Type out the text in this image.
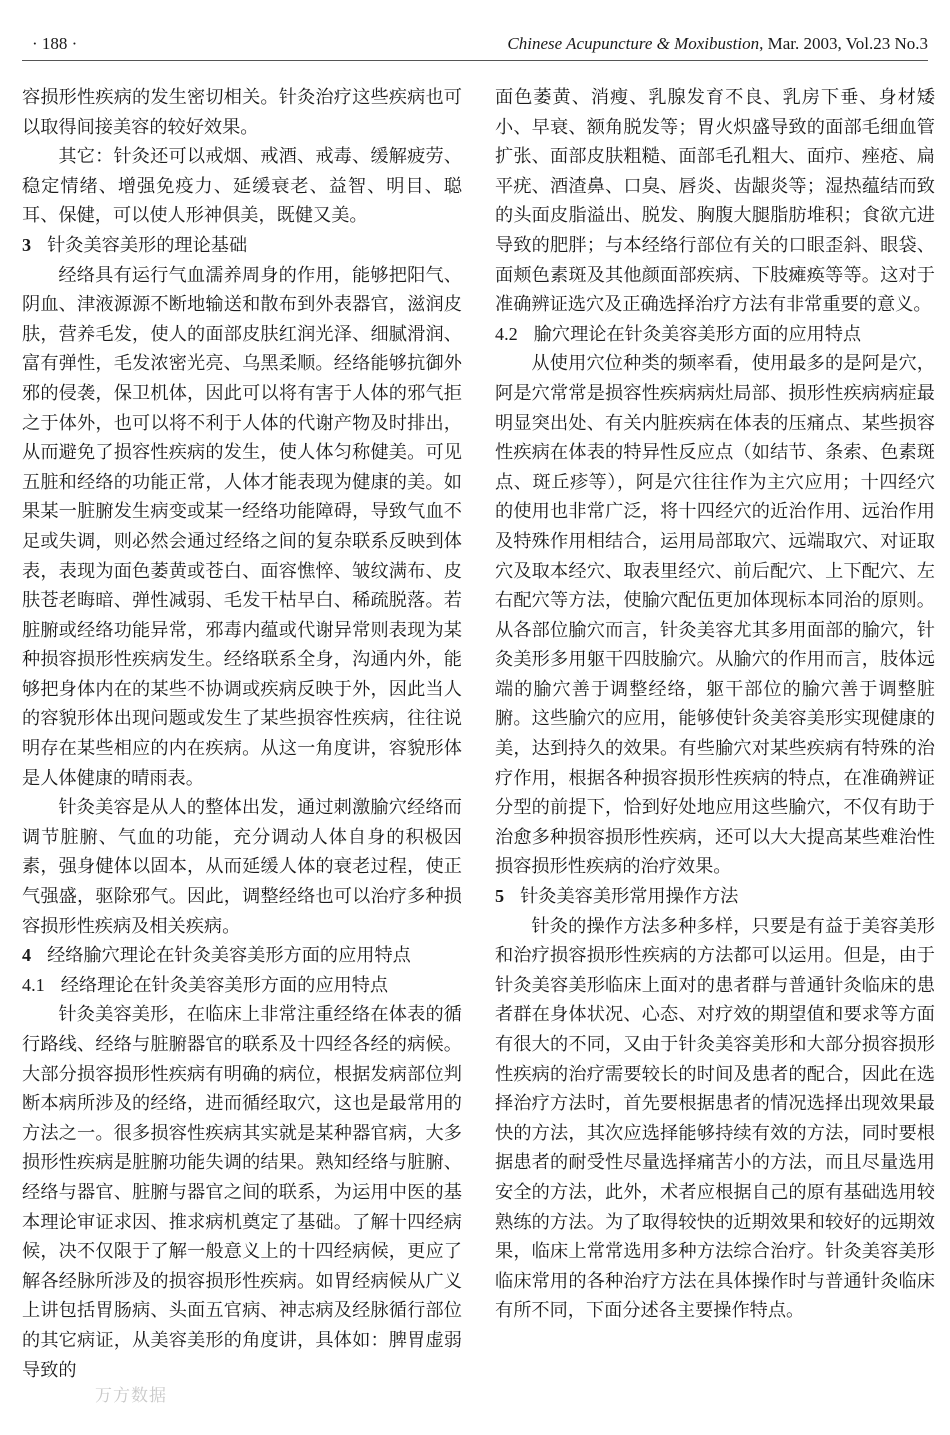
· 188 ·	Chinese Acupuncture & Moxibustion, Mar. 2003, Vol.23 No.3

容损形性疾病的发生密切相关。针灸治疗这些疾病也可以取得间接美容的较好效果。

其它：针灸还可以戒烟、戒酒、戒毒、缓解疲劳、稳定情绪、增强免疫力、延缓衰老、益智、明目、聪耳、保健，可以使人形神俱美，既健又美。

3 针灸美容美形的理论基础

经络具有运行气血濡养周身的作用，能够把阳气、阴血、津液源源不断地输送和散布到外表器官，滋润皮肤，营养毛发，使人的面部皮肤红润光泽、细腻滑润、富有弹性，毛发浓密光亮、乌黑柔顺。经络能够抗御外邪的侵袭，保卫机体，因此可以将有害于人体的邪气拒之于体外，也可以将不利于人体的代谢产物及时排出，从而避免了损容性疾病的发生，使人体匀称健美。可见五脏和经络的功能正常，人体才能表现为健康的美。如果某一脏腑发生病变或某一经络功能障碍，导致气血不足或失调，则必然会通过经络之间的复杂联系反映到体表，表现为面色萎黄或苍白、面容憔悴、皱纹满布、皮肤苍老晦暗、弹性减弱、毛发干枯早白、稀疏脱落。若脏腑或经络功能异常，邪毒内蕴或代谢异常则表现为某种损容损形性疾病发生。经络联系全身，沟通内外，能够把身体内在的某些不协调或疾病反映于外，因此当人的容貌形体出现问题或发生了某些损容性疾病，往往说明存在某些相应的内在疾病。从这一角度讲，容貌形体是人体健康的晴雨表。

针灸美容是从人的整体出发，通过刺激腧穴经络而调节脏腑、气血的功能，充分调动人体自身的积极因素，强身健体以固本，从而延缓人体的衰老过程，使正气强盛，驱除邪气。因此，调整经络也可以治疗多种损容损形性疾病及相关疾病。

4 经络腧穴理论在针灸美容美形方面的应用特点

4.1 经络理论在针灸美容美形方面的应用特点

针灸美容美形，在临床上非常注重经络在体表的循行路线、经络与脏腑器官的联系及十四经各经的病候。大部分损容损形性疾病有明确的病位，根据发病部位判断本病所涉及的经络，进而循经取穴，这也是最常用的方法之一。很多损容性疾病其实就是某种器官病，大多损形性疾病是脏腑功能失调的结果。熟知经络与脏腑、经络与器官、脏腑与器官之间的联系，为运用中医的基本理论审证求因、推求病机奠定了基础。了解十四经病候，决不仅限于了解一般意义上的十四经病候，更应了解各经脉所涉及的损容损形性疾病。如胃经病候从广义上讲包括胃肠病、头面五官病、神志病及经脉循行部位的其它病证，从美容美形的角度讲，具体如：脾胃虚弱导致的

面色萎黄、消瘦、乳腺发育不良、乳房下垂、身材矮小、早衰、额角脱发等；胃火炽盛导致的面部毛细血管扩张、面部皮肤粗糙、面部毛孔粗大、面疖、痤疮、扁平疣、酒渣鼻、口臭、唇炎、齿龈炎等；湿热蕴结而致的头面皮脂溢出、脱发、胸腹大腿脂肪堆积；食欲亢进导致的肥胖；与本经络行部位有关的口眼歪斜、眼袋、面颊色素斑及其他颜面部疾病、下肢瘫痪等等。这对于准确辨证选穴及正确选择治疗方法有非常重要的意义。

4.2 腧穴理论在针灸美容美形方面的应用特点

从使用穴位种类的频率看，使用最多的是阿是穴，阿是穴常常是损容性疾病病灶局部、损形性疾病病症最明显突出处、有关内脏疾病在体表的压痛点、某些损容性疾病在体表的特异性反应点（如结节、条索、色素斑点、斑丘疹等），阿是穴往往作为主穴应用；十四经穴的使用也非常广泛，将十四经穴的近治作用、远治作用及特殊作用相结合，运用局部取穴、远端取穴、对证取穴及取本经穴、取表里经穴、前后配穴、上下配穴、左右配穴等方法，使腧穴配伍更加体现标本同治的原则。从各部位腧穴而言，针灸美容尤其多用面部的腧穴，针灸美形多用躯干四肢腧穴。从腧穴的作用而言，肢体远端的腧穴善于调整经络，躯干部位的腧穴善于调整脏腑。这些腧穴的应用，能够使针灸美容美形实现健康的美，达到持久的效果。有些腧穴对某些疾病有特殊的治疗作用，根据各种损容损形性疾病的特点，在准确辨证分型的前提下，恰到好处地应用这些腧穴，不仅有助于治愈多种损容损形性疾病，还可以大大提高某些难治性损容损形性疾病的治疗效果。

5 针灸美容美形常用操作方法

针灸的操作方法多种多样，只要是有益于美容美形和治疗损容损形性疾病的方法都可以运用。但是，由于针灸美容美形临床上面对的患者群与普通针灸临床的患者群在身体状况、心态、对疗效的期望值和要求等方面有很大的不同，又由于针灸美容美形和大部分损容损形性疾病的治疗需要较长的时间及患者的配合，因此在选择治疗方法时，首先要根据患者的情况选择出现效果最快的方法，其次应选择能够持续有效的方法，同时要根据患者的耐受性尽量选择痛苦小的方法，而且尽量选用安全的方法，此外，术者应根据自己的原有基础选用较熟练的方法。为了取得较快的近期效果和较好的远期效果，临床上常常选用多种方法综合治疗。针灸美容美形临床常用的各种治疗方法在具体操作时与普通针灸临床有所不同，下面分述各主要操作特点。

万方数据
